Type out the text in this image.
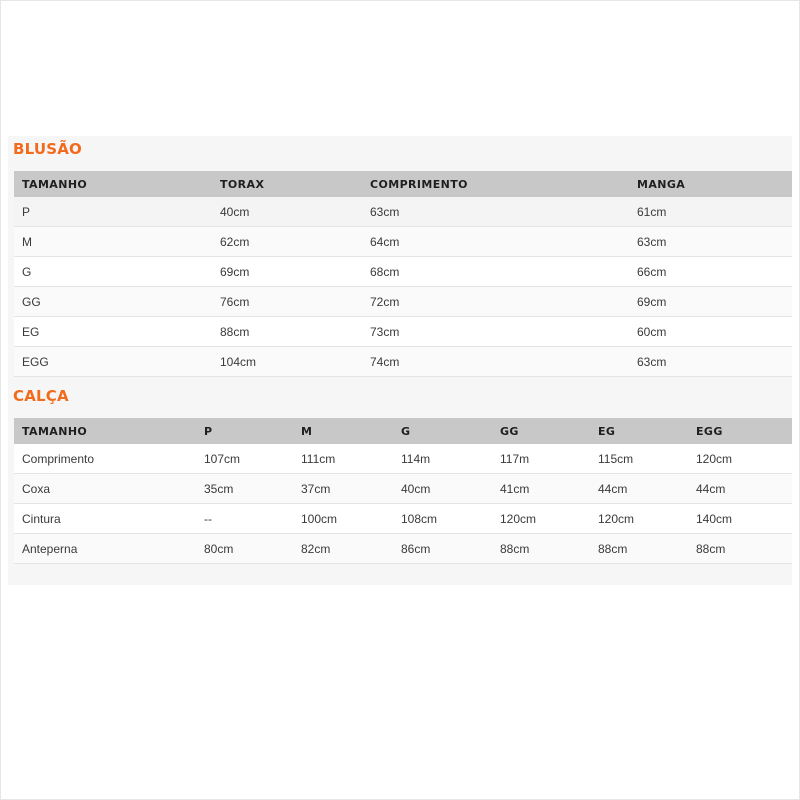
BLUSÃO
TAMANHO	TORAX	COMPRIMENTO	MANGA
P	40cm	63cm	61cm
M	62cm	64cm	63cm
G	69cm	68cm	66cm
GG	76cm	72cm	69cm
EG	88cm	73cm	60cm
EGG	104cm	74cm	63cm
CALÇA
TAMANHO	P	M	G	GG	EG	EGG
Comprimento	107cm	111cm	114m	117m	115cm	120cm
Coxa	35cm	37cm	40cm	41cm	44cm	44cm
Cintura	--	100cm	108cm	120cm	120cm	140cm
Anteperna	80cm	82cm	86cm	88cm	88cm	88cm
